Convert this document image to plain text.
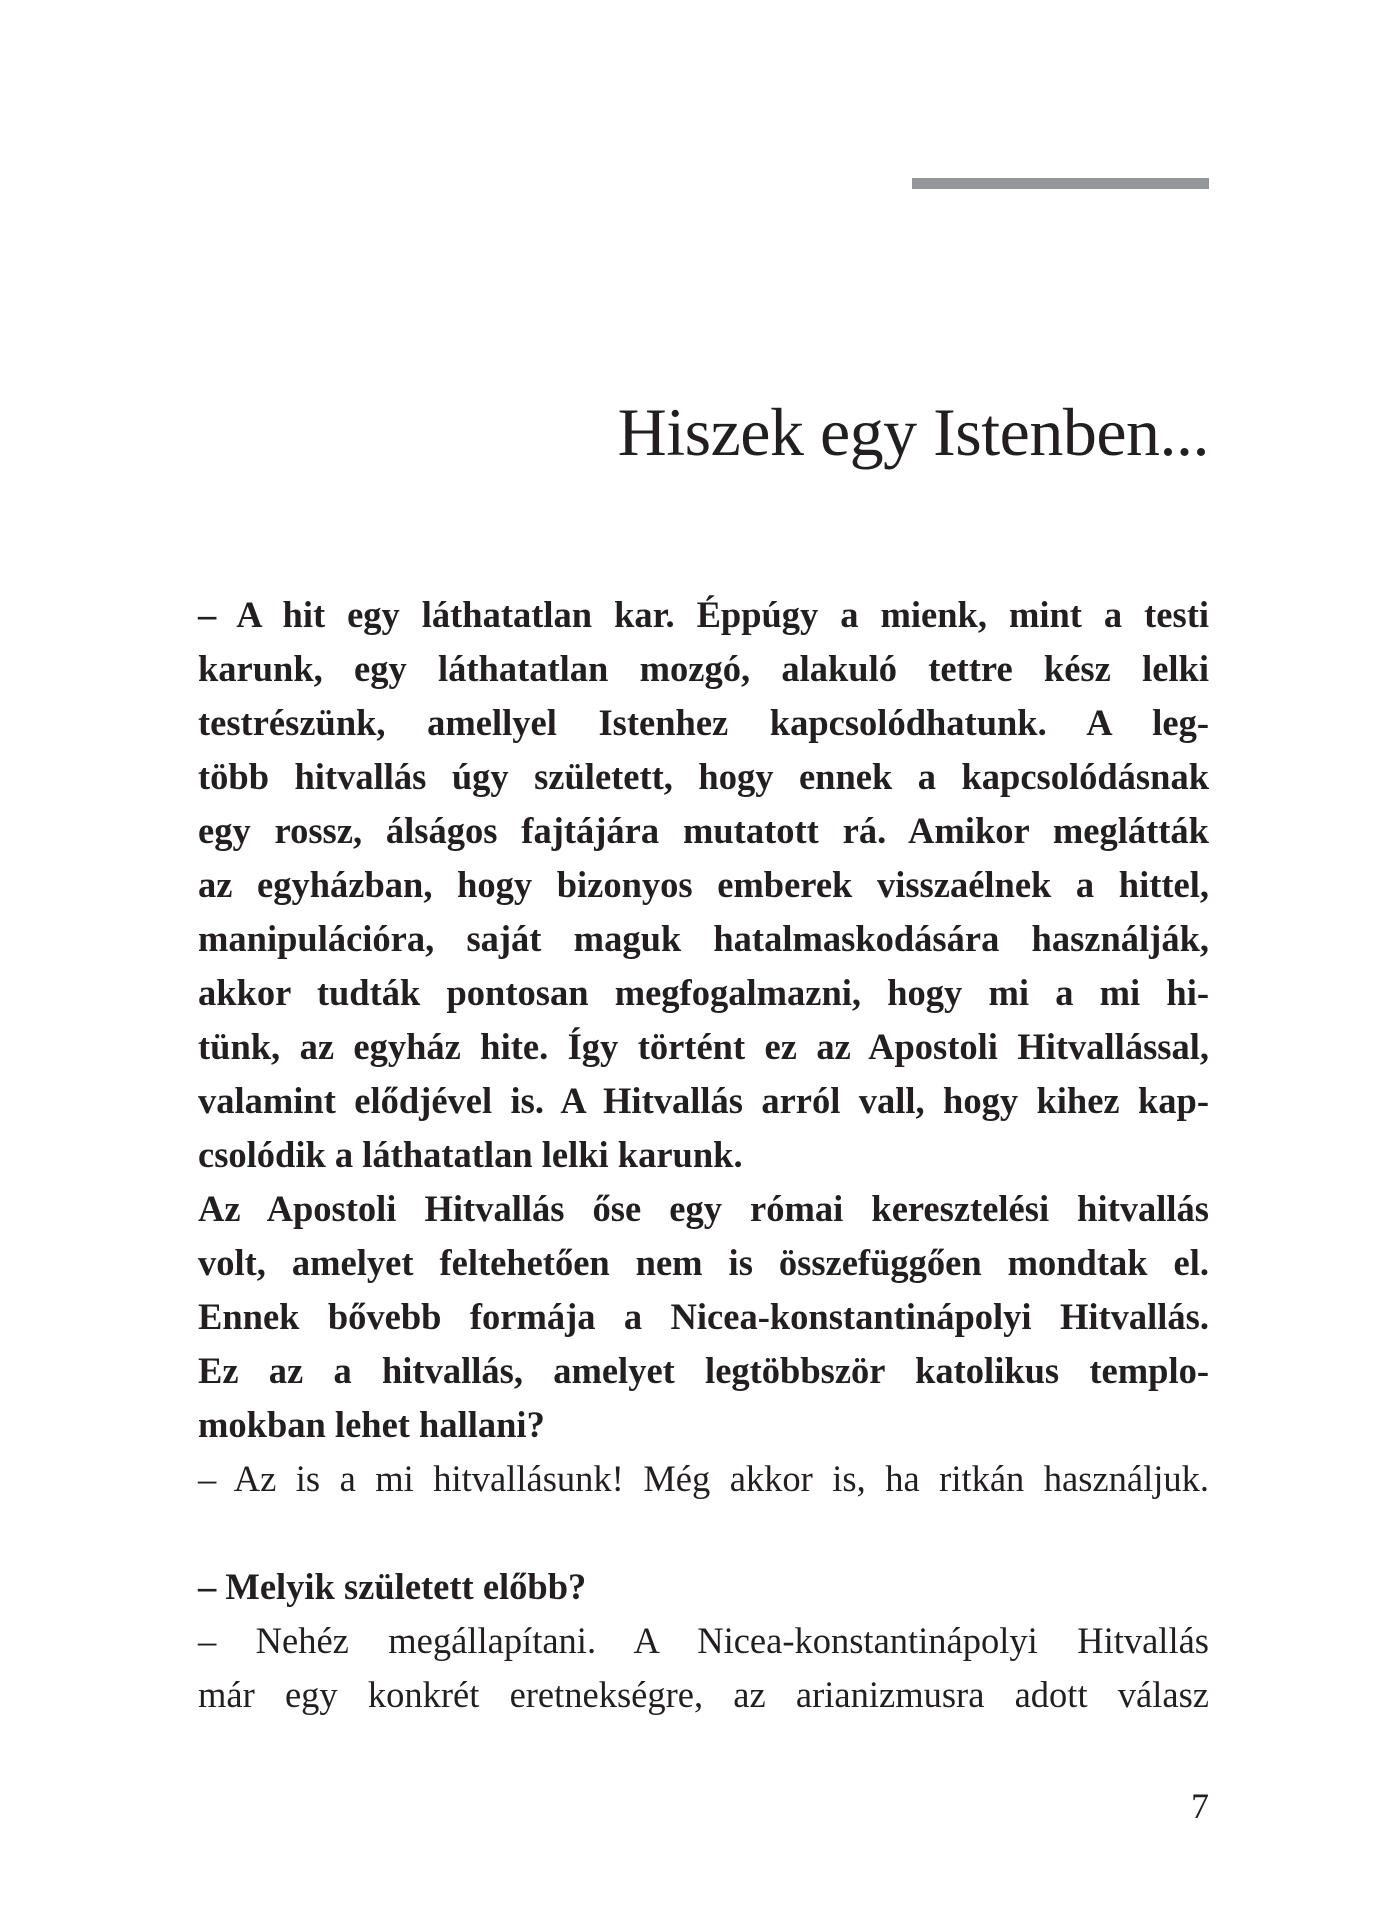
Hiszek egy Istenben...
– A hit egy láthatatlan kar. Éppúgy a mienk, mint a testi
karunk, egy láthatatlan mozgó, alakuló tettre kész lelki
testrészünk, amellyel Istenhez kapcsolódhatunk. A leg-
több hitvallás úgy született, hogy ennek a kapcsolódásnak
egy rossz, álságos fajtájára mutatott rá. Amikor meglátták
az egyházban, hogy bizonyos emberek visszaélnek a hittel,
manipulációra, saját maguk hatalmaskodására használják,
akkor tudták pontosan megfogalmazni, hogy mi a mi hi-
tünk, az egyház hite. Így történt ez az Apostoli Hitvallással,
valamint elődjével is. A Hitvallás arról vall, hogy kihez kap-
csolódik a láthatatlan lelki karunk.
Az Apostoli Hitvallás őse egy római keresztelési hitvallás
volt, amelyet feltehetően nem is összefüggően mondtak el.
Ennek bővebb formája a Nicea-konstantinápolyi Hitvallás.
Ez az a hitvallás, amelyet legtöbbször katolikus templo-
mokban lehet hallani?
– Az is a mi hitvallásunk! Még akkor is, ha ritkán használjuk.
– Melyik született előbb?
– Nehéz megállapítani. A Nicea-konstantinápolyi Hitvallás
már egy konkrét eretnekségre, az arianizmusra adott válasz
7
